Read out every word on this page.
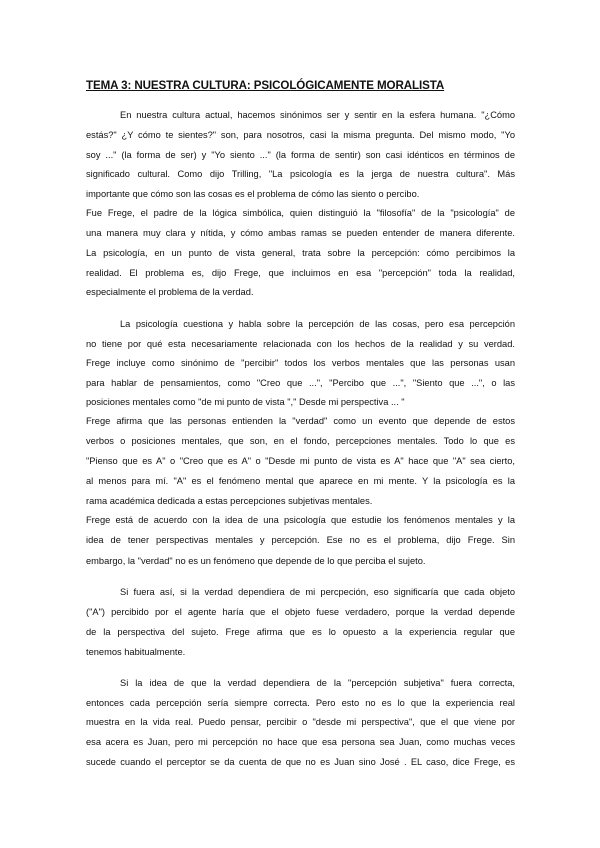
TEMA 3: NUESTRA CULTURA: PSICOLÓGICAMENTE MORALISTA
En nuestra cultura actual, hacemos sinónimos ser y sentir en la esfera humana. "¿Cómo
estás?" ¿Y cómo te sientes?" son, para nosotros, casi la misma pregunta. Del mismo modo, "Yo
soy ..." (la forma de ser) y "Yo siento ..." (la forma de sentir) son casi idénticos en términos de
significado cultural. Como dijo Trilling, "La psicología es la jerga de nuestra cultura". Más
importante que cómo son las cosas es el problema de cómo las siento o percibo.
Fue Frege, el padre de la lógica simbólica, quien distinguió la "filosofía" de la "psicología" de
una manera muy clara y nítida, y cómo ambas ramas se pueden entender de manera diferente.
La psicología, en un punto de vista general, trata sobre la percepción: cómo percibimos la
realidad. El problema es, dijo Frege, que incluimos en esa "percepción" toda la realidad,
especialmente el problema de la verdad.
La psicología cuestiona y habla sobre la percepción de las cosas, pero esa percepción
no tiene por qué esta necesariamente relacionada con los hechos de la realidad y su verdad.
Frege incluye como sinónimo de "percibir" todos los verbos mentales que las personas usan
para hablar de pensamientos, como "Creo que ...", "Percibo que ...", "Siento que ...", o las
posiciones mentales como "de mi punto de vista "," Desde mi perspectiva ... "
Frege afirma que las personas entienden la "verdad" como un evento que depende de estos
verbos o posiciones mentales, que son, en el fondo, percepciones mentales. Todo lo que es
"Pienso que es A" o "Creo que es A" o "Desde mi punto de vista es A" hace que "A" sea cierto,
al menos para mí. "A" es el fenómeno mental que aparece en mi mente. Y la psicología es la
rama académica dedicada a estas percepciones subjetivas mentales.
Frege está de acuerdo con la idea de una psicología que estudie los fenómenos mentales y la
idea de tener perspectivas mentales y percepción. Ese no es el problema, dijo Frege. Sin
embargo, la "verdad" no es un fenómeno que depende de lo que perciba el sujeto.
Si fuera así, si la verdad dependiera de mi percpeción, eso significaría que cada objeto
("A") percibido por el agente haría que el objeto fuese verdadero, porque la verdad depende
de la perspectiva del sujeto. Frege afirma que es lo opuesto a la experiencia regular que
tenemos habitualmente.
Si la idea de que la verdad dependiera de la "percepción subjetiva" fuera correcta,
entonces cada percepción sería siempre correcta. Pero esto no es lo que la experiencia real
muestra en la vida real. Puedo pensar, percibir o "desde mi perspectiva", que el que viene por
esa acera es Juan, pero mi percepción no hace que esa persona sea Juan, como muchas veces
sucede cuando el perceptor se da cuenta de que no es Juan sino José . EL caso, dice Frege, es
